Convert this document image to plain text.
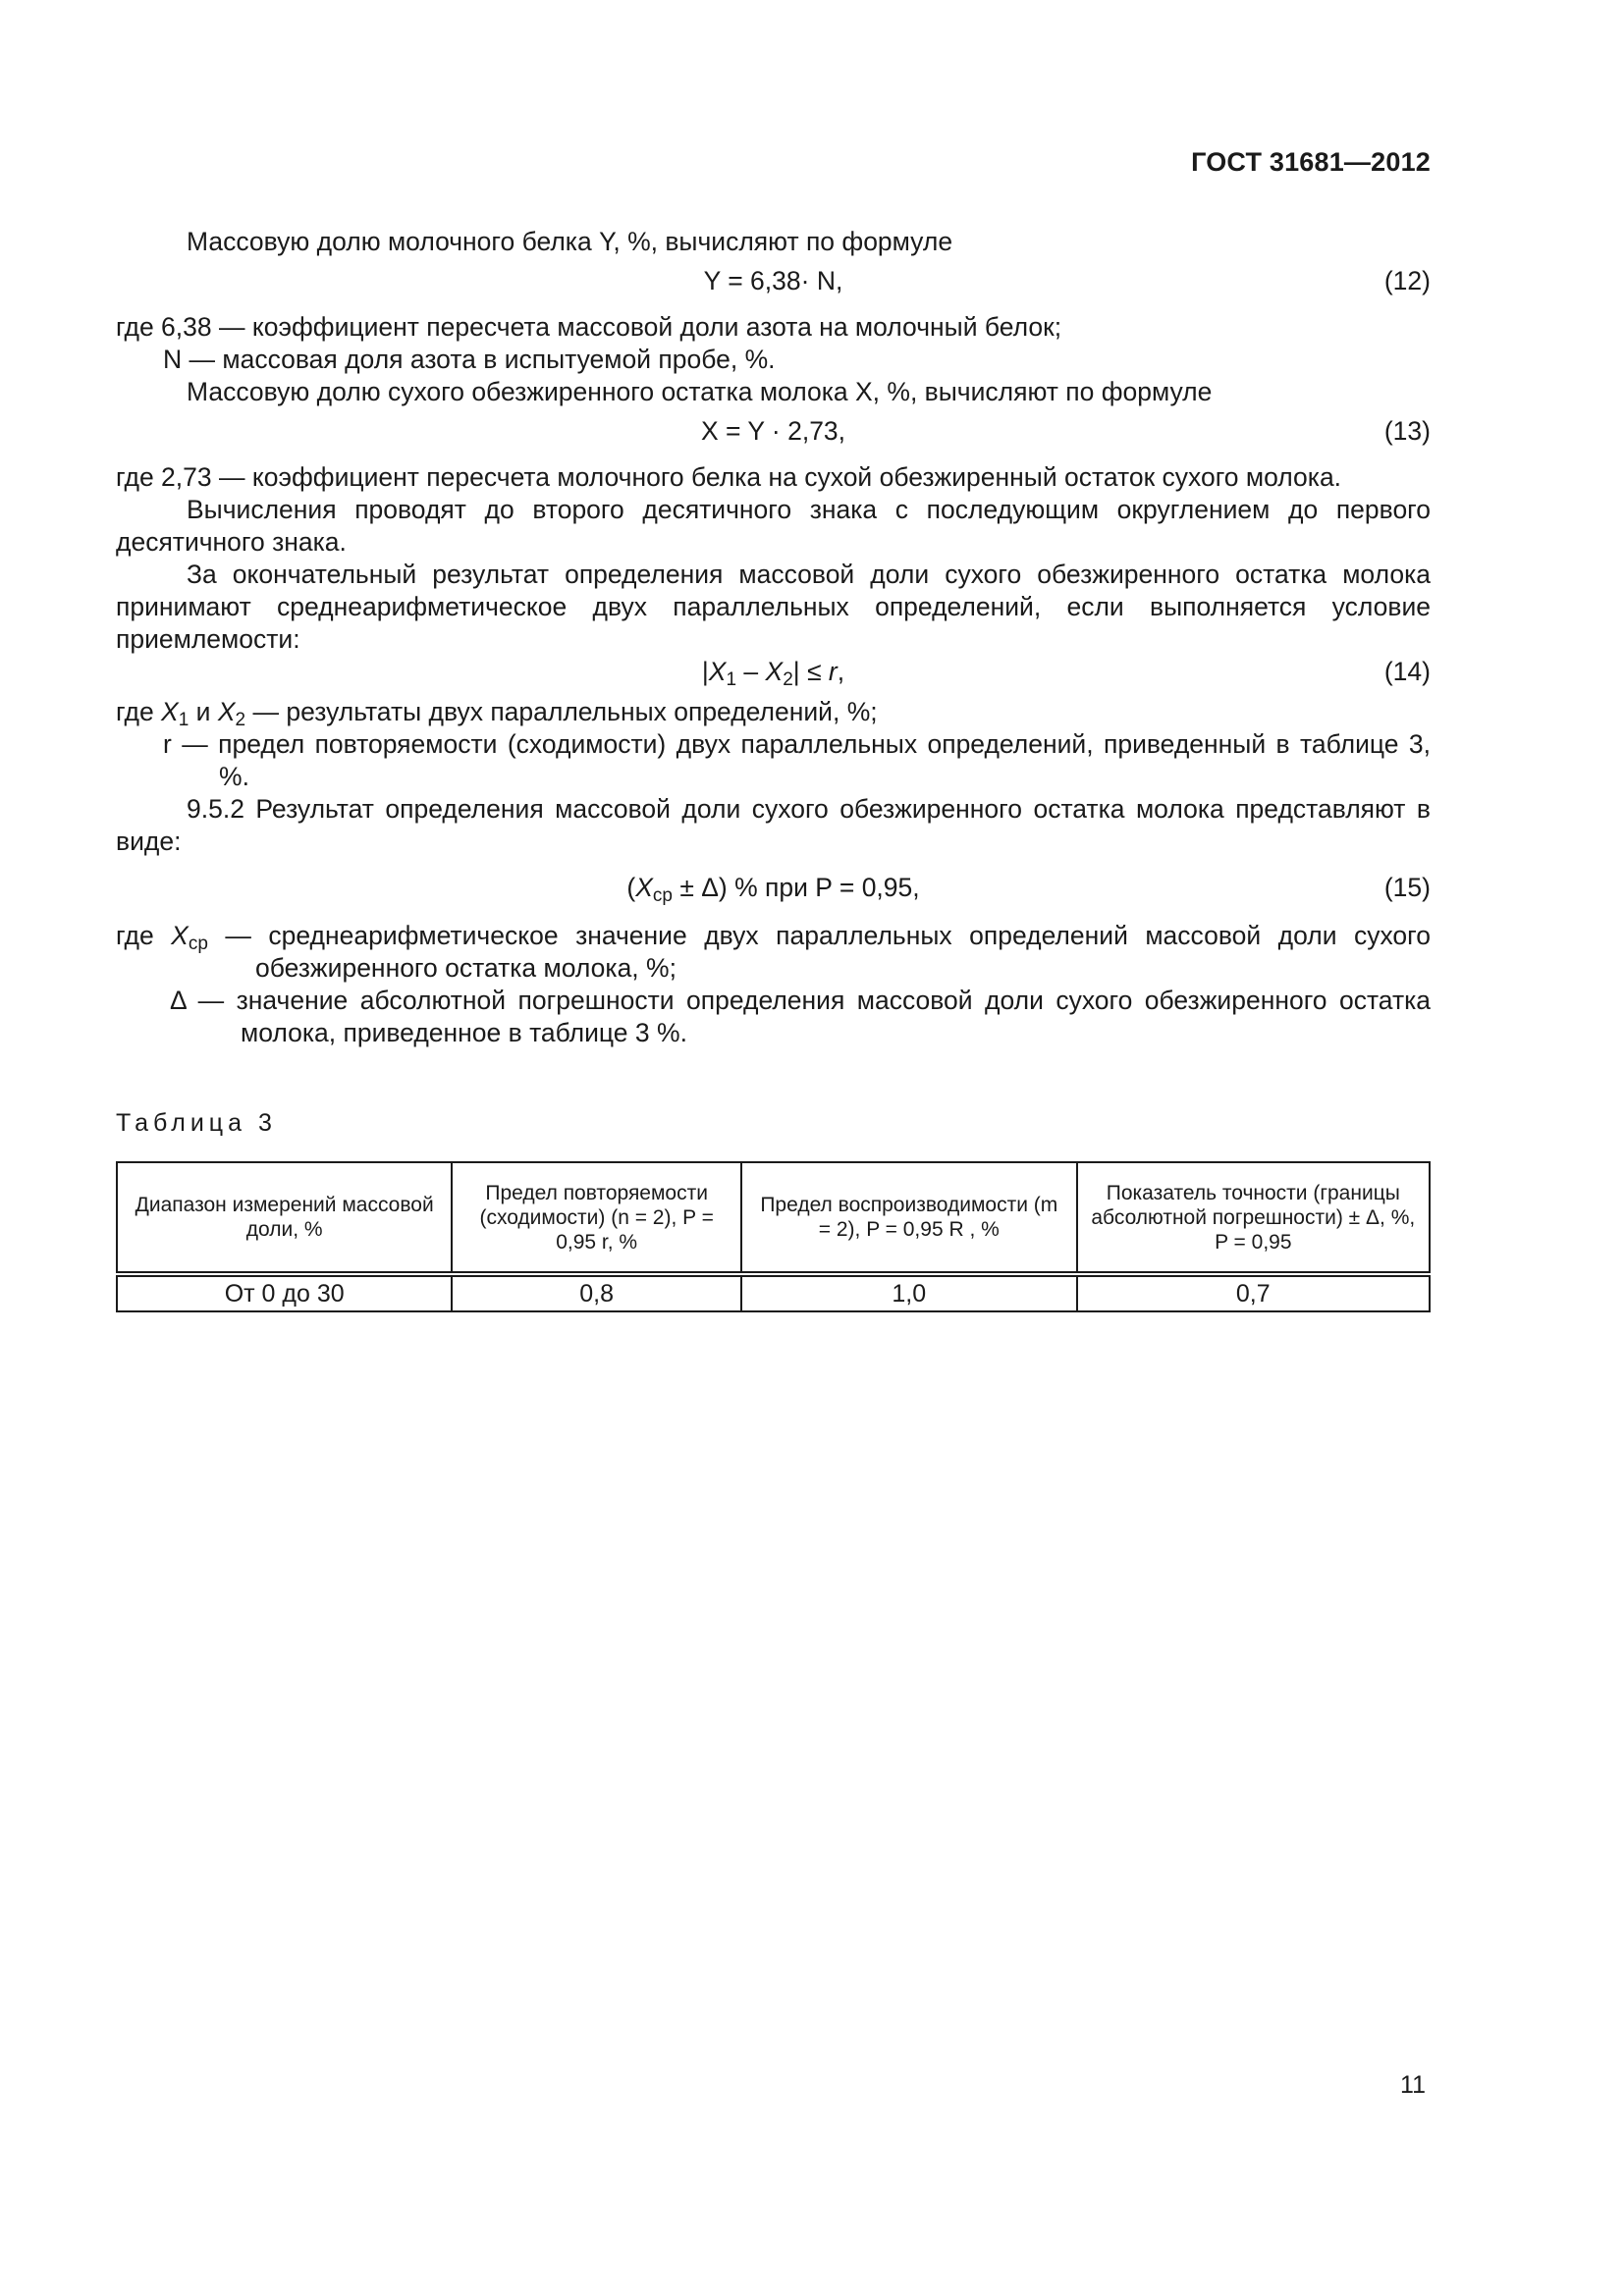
ГОСТ 31681—2012

Массовую долю молочного белка Y, %, вычисляют по формуле

Y = 6,38· N,	(12)

где 6,38 — коэффициент пересчета массовой доли азота на молочный белок;

N — массовая доля азота в испытуемой пробе, %.

Массовую долю сухого обезжиренного остатка молока X, %, вычисляют по формуле

X = Y · 2,73,	(13)

где 2,73 — коэффициент пересчета молочного белка на сухой обезжиренный остаток сухого молока.

Вычисления проводят до второго десятичного знака с последующим округлением до первого десятичного знака.

За окончательный результат определения массовой доли сухого обезжиренного остатка молока принимают среднеарифметическое двух параллельных определений, если выполняется условие приемлемости:

$|X_1 - X_2| \le r$,	(14)

где $X_1$ и $X_2$ — результаты двух параллельных определений, %;

r — предел повторяемости (сходимости) двух параллельных определений, приведенный в таблице 3, %.

9.5.2 Результат определения массовой доли сухого обезжиренного остатка молока представляют в виде:

$(X_{ср} \pm \Delta)$ % при P = 0,95,	(15)

где $X_{ср}$ — среднеарифметическое значение двух параллельных определений массовой доли сухого обезжиренного остатка молока, %;

Δ — значение абсолютной погрешности определения массовой доли сухого обезжиренного остатка молока, приведенное в таблице 3 %.

Таблица 3
Диапазон измерений массовой доли, %	Предел повторяемости (сходимости) (n = 2), P = 0,95 r, %	Предел воспроизводимости (m = 2), P = 0,95 R , %	Показатель точности (границы абсолютной погрешности) ± Δ, %, P = 0,95
От 0 до 30	0,8	1,0	0,7
11
